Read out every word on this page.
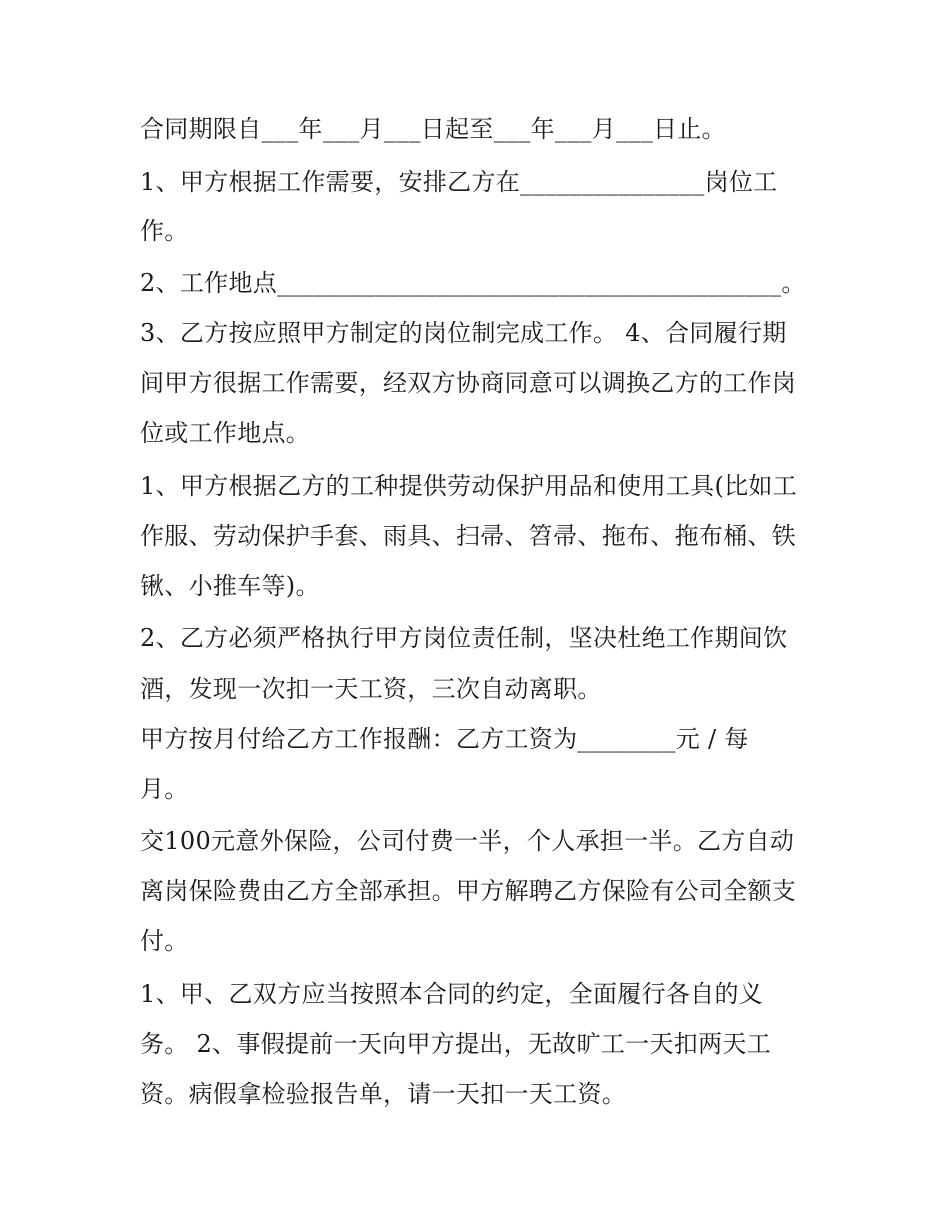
合同期限自___年___月___日起至___年___月___日止。
1、甲方根据工作需要，安排乙方在_______________岗位工
作。
2、工作地点_________________________________________。
3、乙方按应照甲方制定的岗位制完成工作。 4、合同履行期
间甲方很据工作需要，经双方协商同意可以调换乙方的工作岗
位或工作地点。
1、甲方根据乙方的工种提供劳动保护用品和使用工具(比如工
作服、劳动保护手套、雨具、扫帚、笤帚、拖布、拖布桶、铁
锹、小推车等)。
2、乙方必须严格执行甲方岗位责任制，坚决杜绝工作期间饮
酒，发现一次扣一天工资，三次自动离职。
甲方按月付给乙方工作报酬：乙方工资为________元 / 每
月。
交100元意外保险，公司付费一半，个人承担一半。乙方自动
离岗保险费由乙方全部承担。甲方解聘乙方保险有公司全额支
付。
1、甲、乙双方应当按照本合同的约定，全面履行各自的义
务。 2、事假提前一天向甲方提出，无故旷工一天扣两天工
资。病假拿检验报告单，请一天扣一天工资。
